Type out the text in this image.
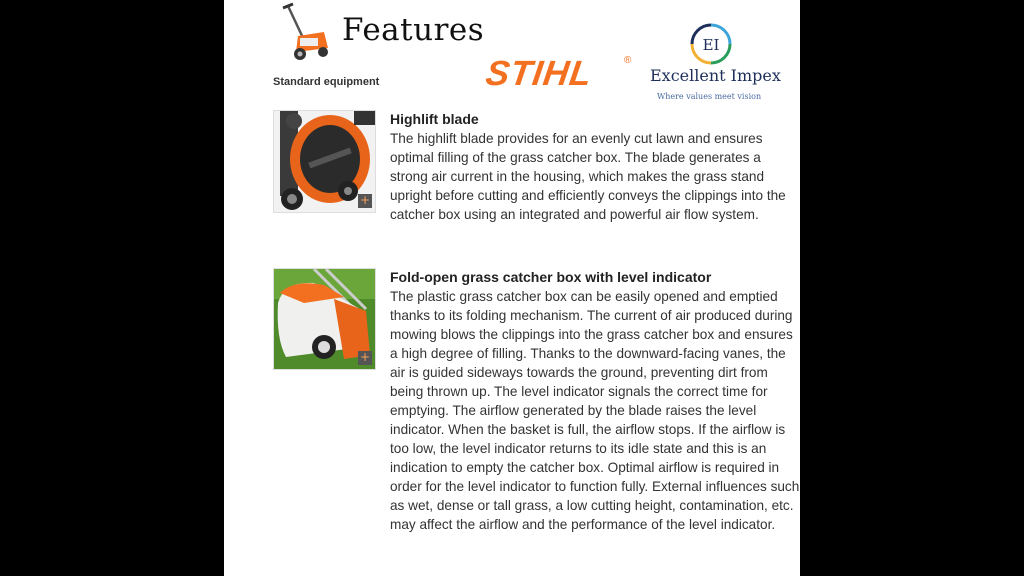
Features
Standard equipment	STIHL	®
EI
Excellent Impex
Where values meet vision
+
Highlift blade
The highlift blade provides for an evenly cut lawn and ensures optimal filling of the grass catcher box. The blade generates a strong air current in the housing, which makes the grass stand upright before cutting and efficiently conveys the clippings into the catcher box using an integrated and powerful air flow system.
+
Fold-open grass catcher box with level indicator
The plastic grass catcher box can be easily opened and emptied thanks to its folding mechanism. The current of air produced during mowing blows the clippings into the grass catcher box and ensures a high degree of filling. Thanks to the downward-facing vanes, the air is guided sideways towards the ground, preventing dirt from being thrown up. The level indicator signals the correct time for emptying. The airflow generated by the blade raises the level indicator. When the basket is full, the airflow stops. If the airflow is too low, the level indicator returns to its idle state and this is an indication to empty the catcher box. Optimal airflow is required in order for the level indicator to function fully. External influences such as wet, dense or tall grass, a low cutting height, contamination, etc. may affect the airflow and the performance of the level indicator.
